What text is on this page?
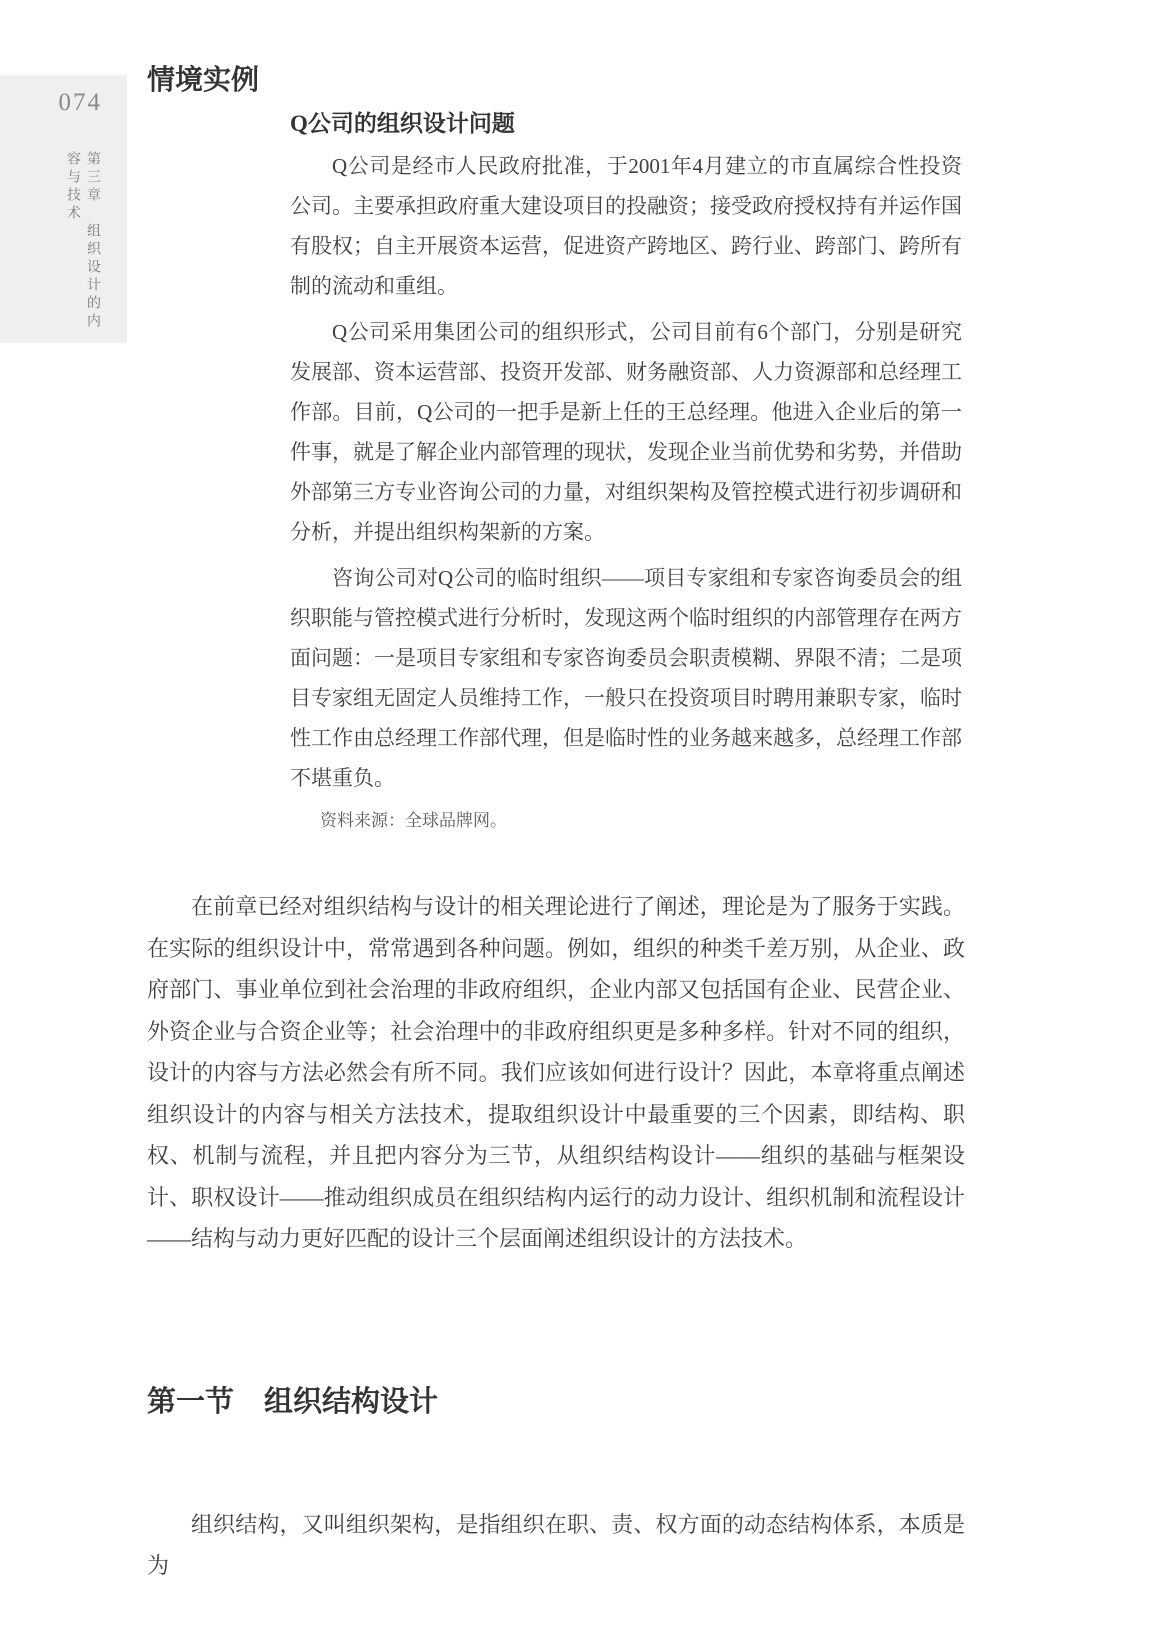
074
第三章　组织设计的内容与技术
情境实例
Q公司的组织设计问题

Q公司是经市人民政府批准，于2001年4月建立的市直属综合性投资公司。主要承担政府重大建设项目的投融资；接受政府授权持有并运作国有股权；自主开展资本运营，促进资产跨地区、跨行业、跨部门、跨所有制的流动和重组。

Q公司采用集团公司的组织形式，公司目前有6个部门，分别是研究发展部、资本运营部、投资开发部、财务融资部、人力资源部和总经理工作部。目前，Q公司的一把手是新上任的王总经理。他进入企业后的第一件事，就是了解企业内部管理的现状，发现企业当前优势和劣势，并借助外部第三方专业咨询公司的力量，对组织架构及管控模式进行初步调研和分析，并提出组织构架新的方案。

咨询公司对Q公司的临时组织——项目专家组和专家咨询委员会的组织职能与管控模式进行分析时，发现这两个临时组织的内部管理存在两方面问题：一是项目专家组和专家咨询委员会职责模糊、界限不清；二是项目专家组无固定人员维持工作，一般只在投资项目时聘用兼职专家，临时性工作由总经理工作部代理，但是临时性的业务越来越多，总经理工作部不堪重负。

资料来源：全球品牌网。

在前章已经对组织结构与设计的相关理论进行了阐述，理论是为了服务于实践。在实际的组织设计中，常常遇到各种问题。例如，组织的种类千差万别，从企业、政府部门、事业单位到社会治理的非政府组织，企业内部又包括国有企业、民营企业、外资企业与合资企业等；社会治理中的非政府组织更是多种多样。针对不同的组织，设计的内容与方法必然会有所不同。我们应该如何进行设计？因此，本章将重点阐述组织设计的内容与相关方法技术，提取组织设计中最重要的三个因素，即结构、职权、机制与流程，并且把内容分为三节，从组织结构设计——组织的基础与框架设计、职权设计——推动组织成员在组织结构内运行的动力设计、组织机制和流程设计——结构与动力更好匹配的设计三个层面阐述组织设计的方法技术。

第一节 组织结构设计

组织结构，又叫组织架构，是指组织在职、责、权方面的动态结构体系，本质是为
